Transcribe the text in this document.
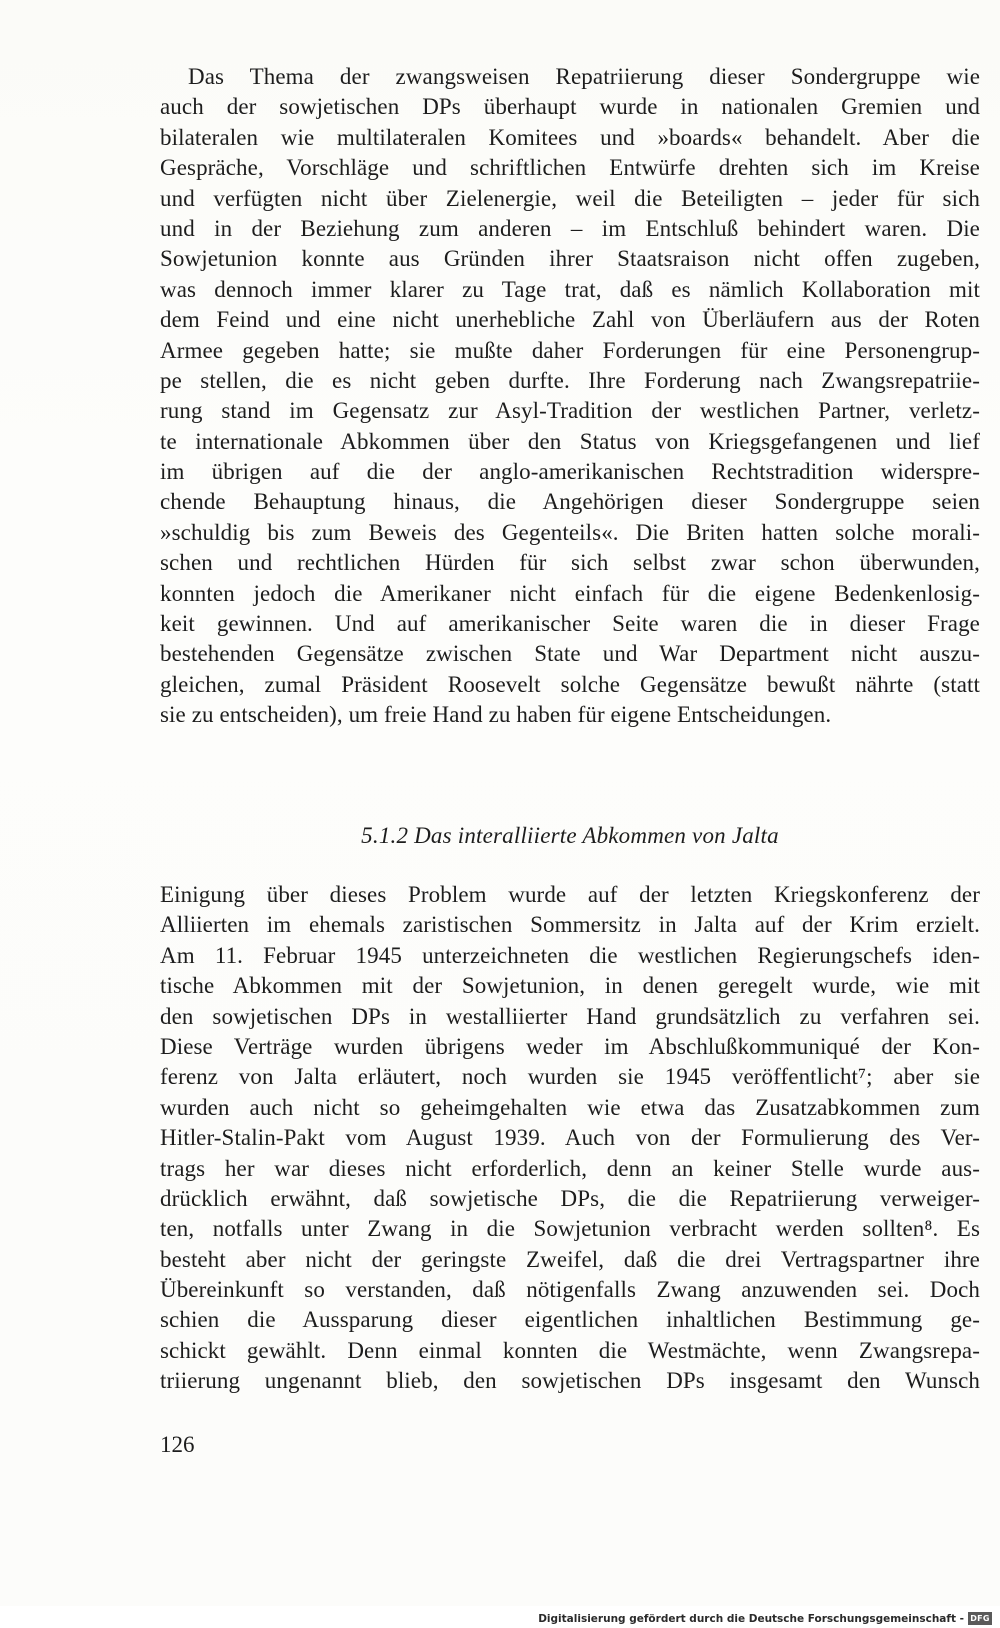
Das Thema der zwangsweisen Repatriierung dieser Sondergruppe wie
auch der sowjetischen DPs überhaupt wurde in nationalen Gremien und
bilateralen wie multilateralen Komitees und »boards« behandelt. Aber die
Gespräche, Vorschläge und schriftlichen Entwürfe drehten sich im Kreise
und verfügten nicht über Zielenergie, weil die Beteiligten – jeder für sich
und in der Beziehung zum anderen – im Entschluß behindert waren. Die
Sowjetunion konnte aus Gründen ihrer Staatsraison nicht offen zugeben,
was dennoch immer klarer zu Tage trat, daß es nämlich Kollaboration mit
dem Feind und eine nicht unerhebliche Zahl von Überläufern aus der Roten
Armee gegeben hatte; sie mußte daher Forderungen für eine Personengrup-
pe stellen, die es nicht geben durfte. Ihre Forderung nach Zwangsrepatriie-
rung stand im Gegensatz zur Asyl-Tradition der westlichen Partner, verletz-
te internationale Abkommen über den Status von Kriegsgefangenen und lief
im übrigen auf die der anglo-amerikanischen Rechtstradition widerspre-
chende Behauptung hinaus, die Angehörigen dieser Sondergruppe seien
»schuldig bis zum Beweis des Gegenteils«. Die Briten hatten solche morali-
schen und rechtlichen Hürden für sich selbst zwar schon überwunden,
konnten jedoch die Amerikaner nicht einfach für die eigene Bedenkenlosig-
keit gewinnen. Und auf amerikanischer Seite waren die in dieser Frage
bestehenden Gegensätze zwischen State und War Department nicht auszu-
gleichen, zumal Präsident Roosevelt solche Gegensätze bewußt nährte (statt
sie zu entscheiden), um freie Hand zu haben für eigene Entscheidungen.
5.1.2 Das interalliierte Abkommen von Jalta
Einigung über dieses Problem wurde auf der letzten Kriegskonferenz der
Alliierten im ehemals zaristischen Sommersitz in Jalta auf der Krim erzielt.
Am 11. Februar 1945 unterzeichneten die westlichen Regierungschefs iden-
tische Abkommen mit der Sowjetunion, in denen geregelt wurde, wie mit
den sowjetischen DPs in westalliierter Hand grundsätzlich zu verfahren sei.
Diese Verträge wurden übrigens weder im Abschlußkommuniqué der Kon-
ferenz von Jalta erläutert, noch wurden sie 1945 veröffentlicht⁷; aber sie
wurden auch nicht so geheimgehalten wie etwa das Zusatzabkommen zum
Hitler-Stalin-Pakt vom August 1939. Auch von der Formulierung des Ver-
trags her war dieses nicht erforderlich, denn an keiner Stelle wurde aus-
drücklich erwähnt, daß sowjetische DPs, die die Repatriierung verweiger-
ten, notfalls unter Zwang in die Sowjetunion verbracht werden sollten⁸. Es
besteht aber nicht der geringste Zweifel, daß die drei Vertragspartner ihre
Übereinkunft so verstanden, daß nötigenfalls Zwang anzuwenden sei. Doch
schien die Aussparung dieser eigentlichen inhaltlichen Bestimmung ge-
schickt gewählt. Denn einmal konnten die Westmächte, wenn Zwangsrepa-
triierung ungenannt blieb, den sowjetischen DPs insgesamt den Wunsch
126
Digitalisierung gefördert durch die Deutsche Forschungsgemeinschaft - DFG
